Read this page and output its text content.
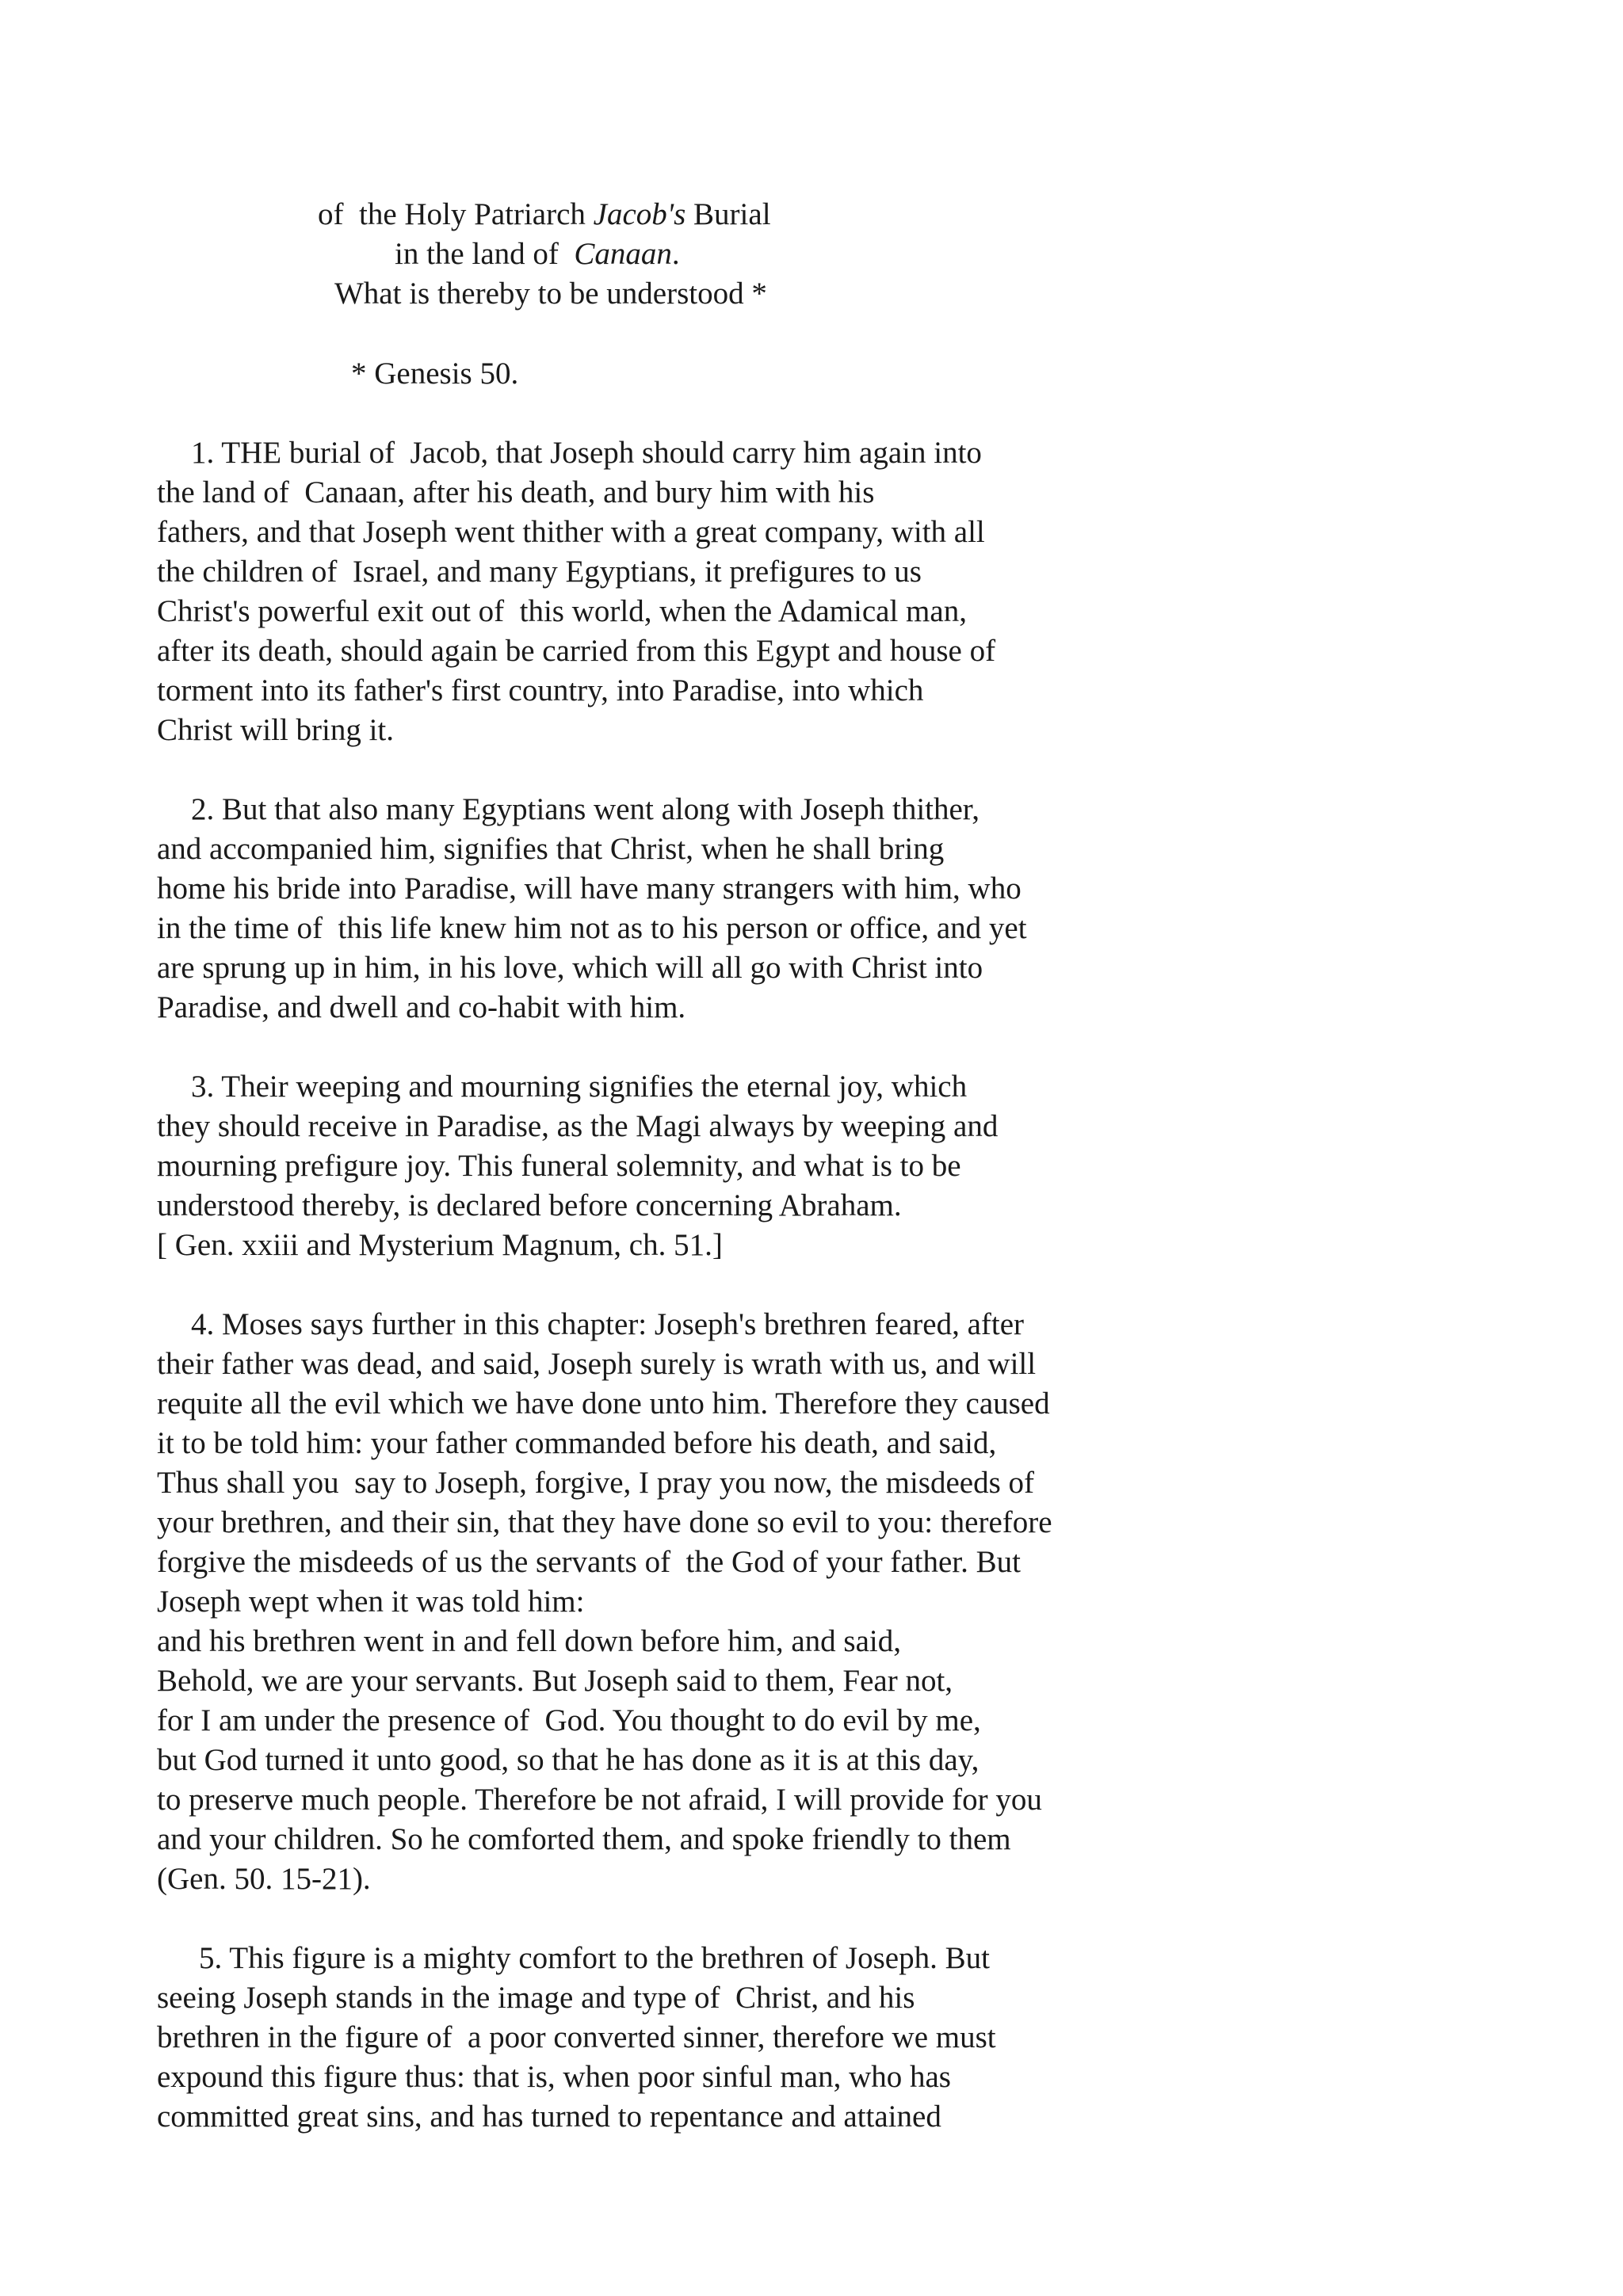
of  the Holy Patriarch Jacob's Burial

in the land of  Canaan.

What is thereby to be understood *

* Genesis 50.

1. THE burial of  Jacob, that Joseph should carry him again into

the land of  Canaan, after his death, and bury him with his

fathers, and that Joseph went thither with a great company, with all

the children of  Israel, and many Egyptians, it prefigures to us

Christ's powerful exit out of  this world, when the Adamical man,

after its death, should again be carried from this Egypt and house of

torment into its father's first country, into Paradise, into which

Christ will bring it.

2. But that also many Egyptians went along with Joseph thither,

and accompanied him, signifies that Christ, when he shall bring

home his bride into Paradise, will have many strangers with him, who

in the time of  this life knew him not as to his person or office, and yet

are sprung up in him, in his love, which will all go with Christ into

Paradise, and dwell and co-habit with him.

3. Their weeping and mourning signifies the eternal joy, which

they should receive in Paradise, as the Magi always by weeping and

mourning prefigure joy. This funeral solemnity, and what is to be

understood thereby, is declared before concerning Abraham.

[ Gen. xxiii and Mysterium Magnum, ch. 51.]

4. Moses says further in this chapter: Joseph's brethren feared, after

their father was dead, and said, Joseph surely is wrath with us, and will

requite all the evil which we have done unto him. Therefore they caused

it to be told him: your father commanded before his death, and said,

Thus shall you  say to Joseph, forgive, I pray you now, the misdeeds of

your brethren, and their sin, that they have done so evil to you: therefore

forgive the misdeeds of us the servants of  the God of your father. But

Joseph wept when it was told him:

and his brethren went in and fell down before him, and said,

Behold, we are your servants. But Joseph said to them, Fear not,

for I am under the presence of  God. You thought to do evil by me,

but God turned it unto good, so that he has done as it is at this day,

to preserve much people. Therefore be not afraid, I will provide for you

and your children. So he comforted them, and spoke friendly to them

(Gen. 50. 15-21).

5. This figure is a mighty comfort to the brethren of Joseph. But

seeing Joseph stands in the image and type of  Christ, and his

brethren in the figure of  a poor converted sinner, therefore we must

expound this figure thus: that is, when poor sinful man, who has

committed great sins, and has turned to repentance and attained
